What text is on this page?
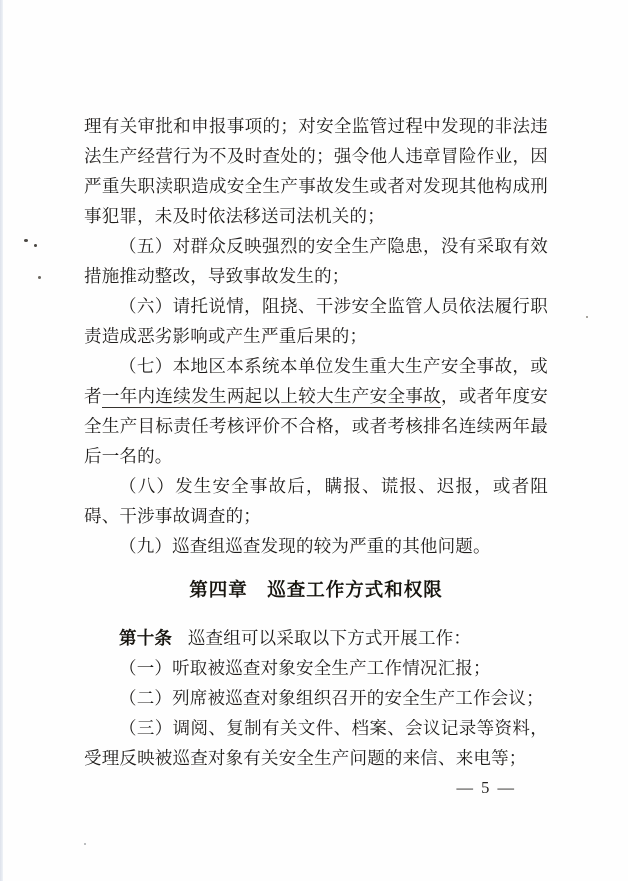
理有关审批和申报事项的；对安全监管过程中发现的非法违法生产经营行为不及时查处的；强令他人违章冒险作业，因严重失职渎职造成安全生产事故发生或者对发现其他构成刑事犯罪，未及时依法移送司法机关的；

（五）对群众反映强烈的安全生产隐患，没有采取有效措施推动整改，导致事故发生的；

（六）请托说情，阻挠、干涉安全监管人员依法履行职责造成恶劣影响或产生严重后果的；

（七）本地区本系统本单位发生重大生产安全事故，或者一年内连续发生两起以上较大生产安全事故，或者年度安全生产目标责任考核评价不合格，或者考核排名连续两年最后一名的。

（八）发生安全事故后，瞒报、谎报、迟报，或者阻碍、干涉事故调查的；

（九）巡查组巡查发现的较为严重的其他问题。

第四章　巡查工作方式和权限

第十条 巡查组可以采取以下方式开展工作：

（一）听取被巡查对象安全生产工作情况汇报；

（二）列席被巡查对象组织召开的安全生产工作会议；

（三）调阅、复制有关文件、档案、会议记录等资料，受理反映被巡查对象有关安全生产问题的来信、来电等；

— 5 —
